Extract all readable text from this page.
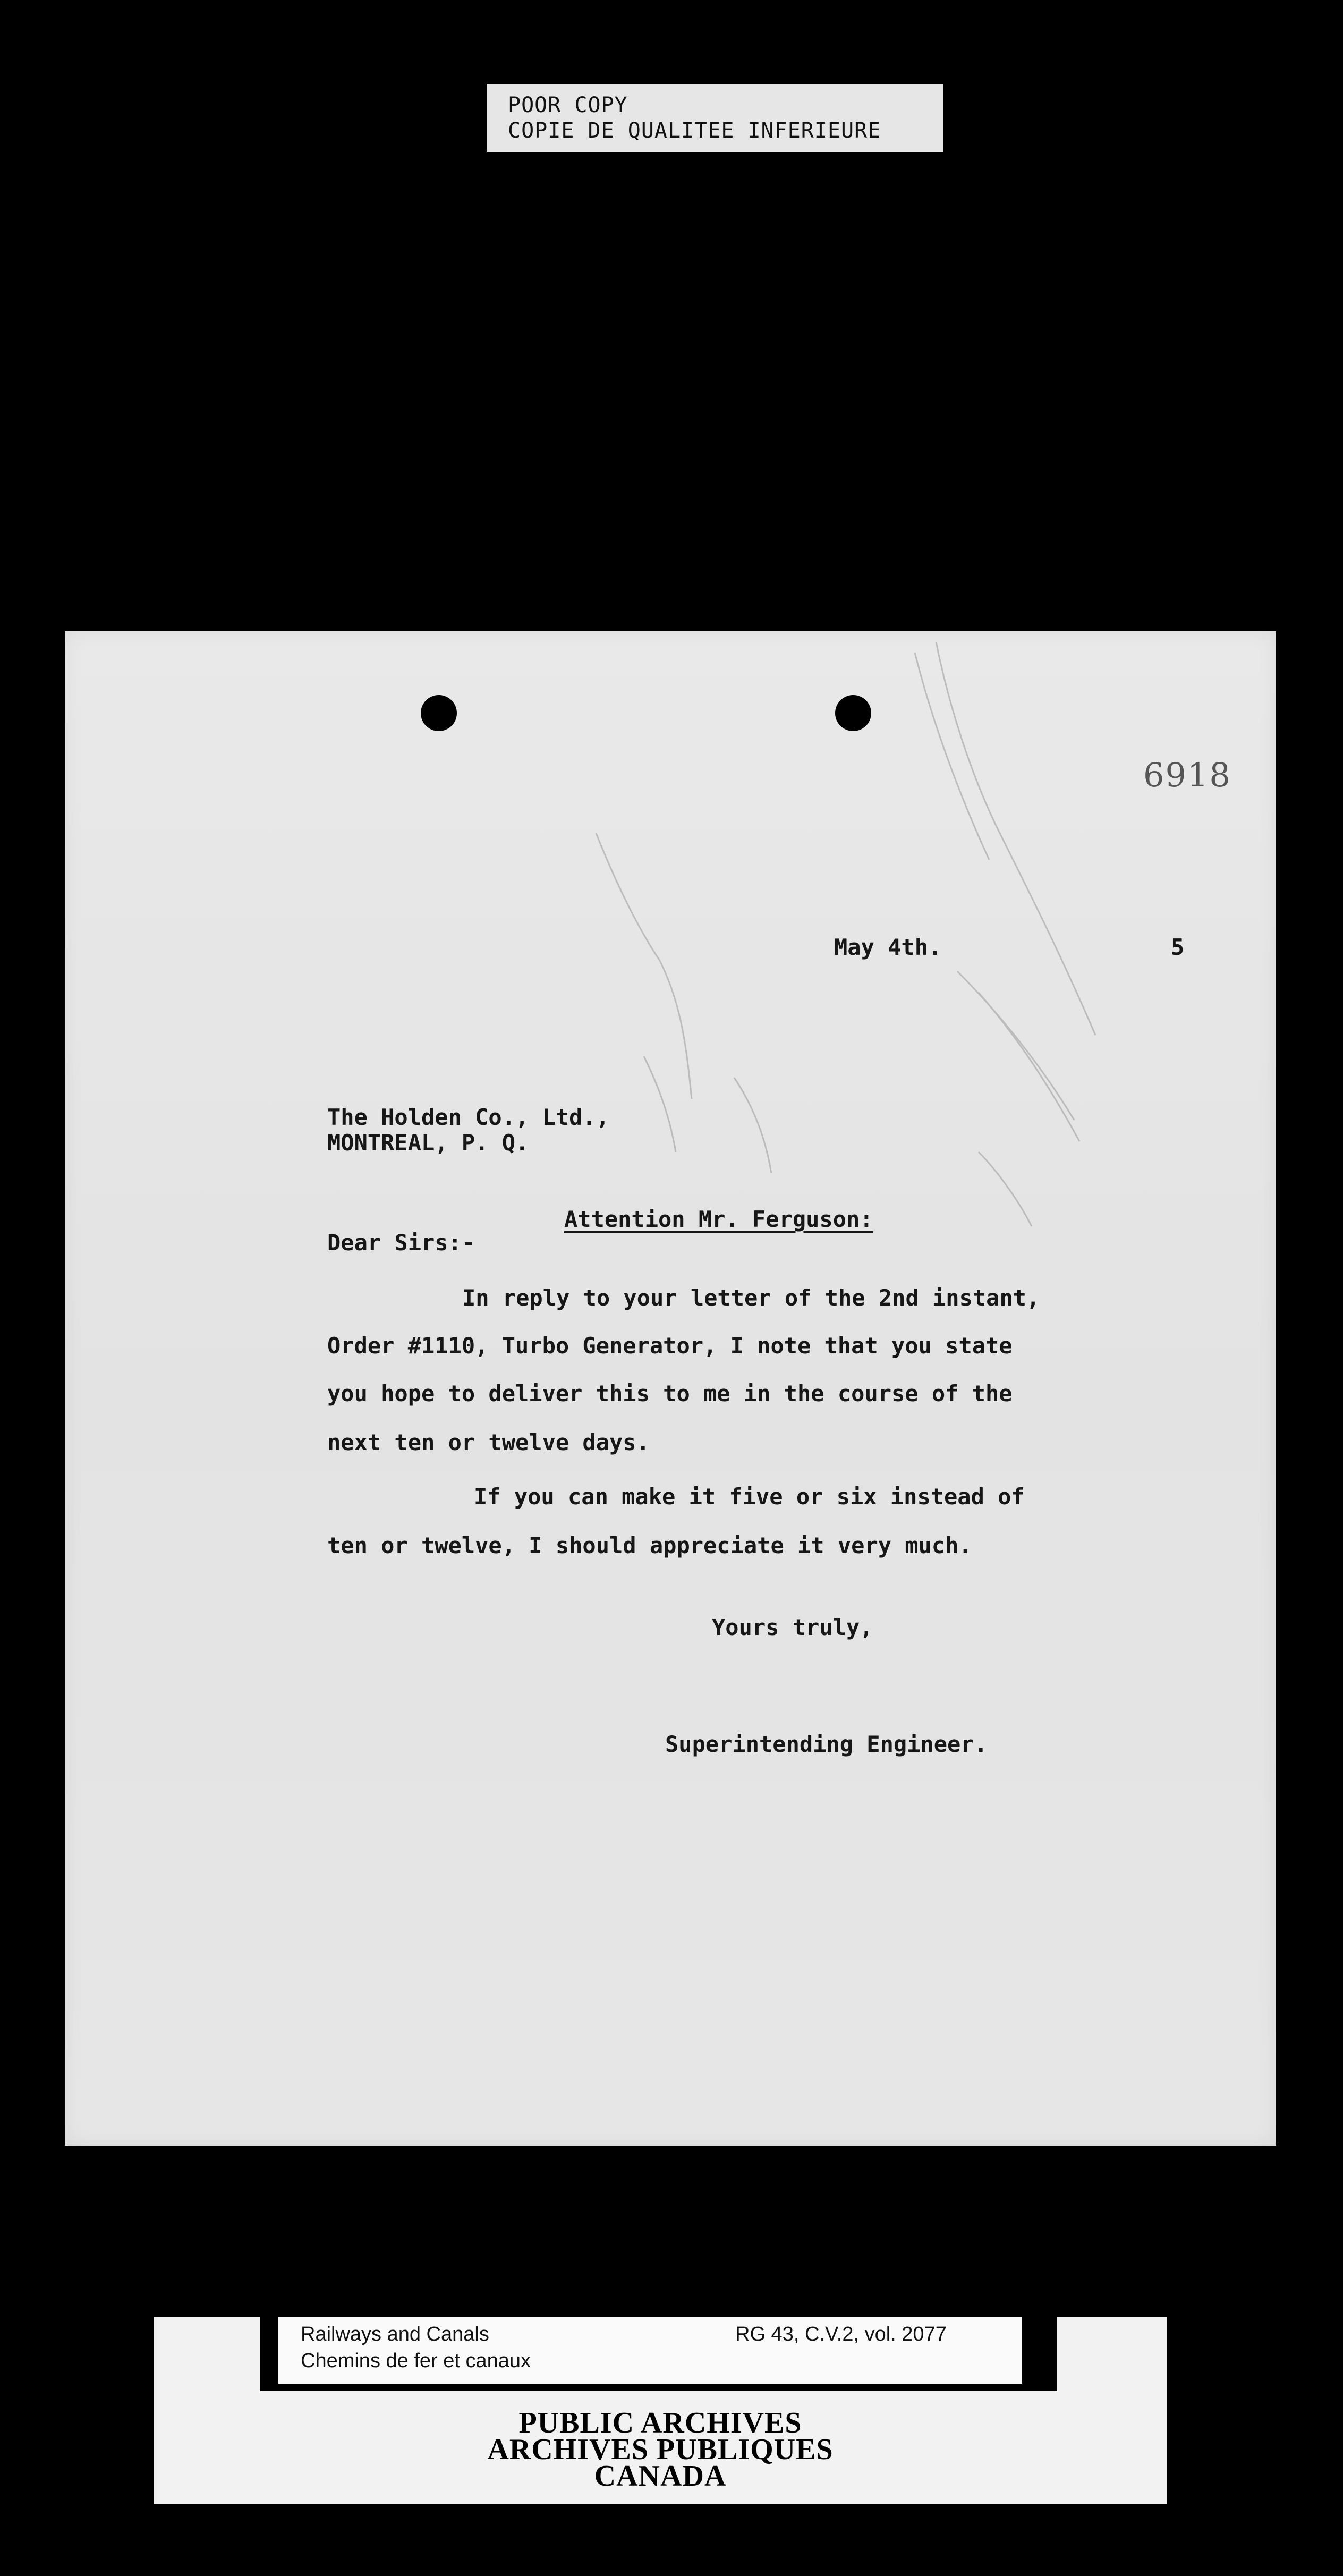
POOR COPY
COPIE DE QUALITEE INFERIEURE
6918
May 4th.	5
The Holden Co., Ltd.,
MONTREAL, P. Q.
Attention Mr. Ferguson:
Dear Sirs:-
In reply to your letter of the 2nd instant,
Order #1110, Turbo Generator, I note that you state
you hope to deliver this to me in the course of the
next ten or twelve days.
If you can make it five or six instead of
ten or twelve, I should appreciate it very much.
Yours truly,
Superintending Engineer.
Railways and Canals
Chemins de fer et canaux
RG 43, C.V.2, vol. 2077
PUBLIC ARCHIVES
ARCHIVES PUBLIQUES
CANADA
